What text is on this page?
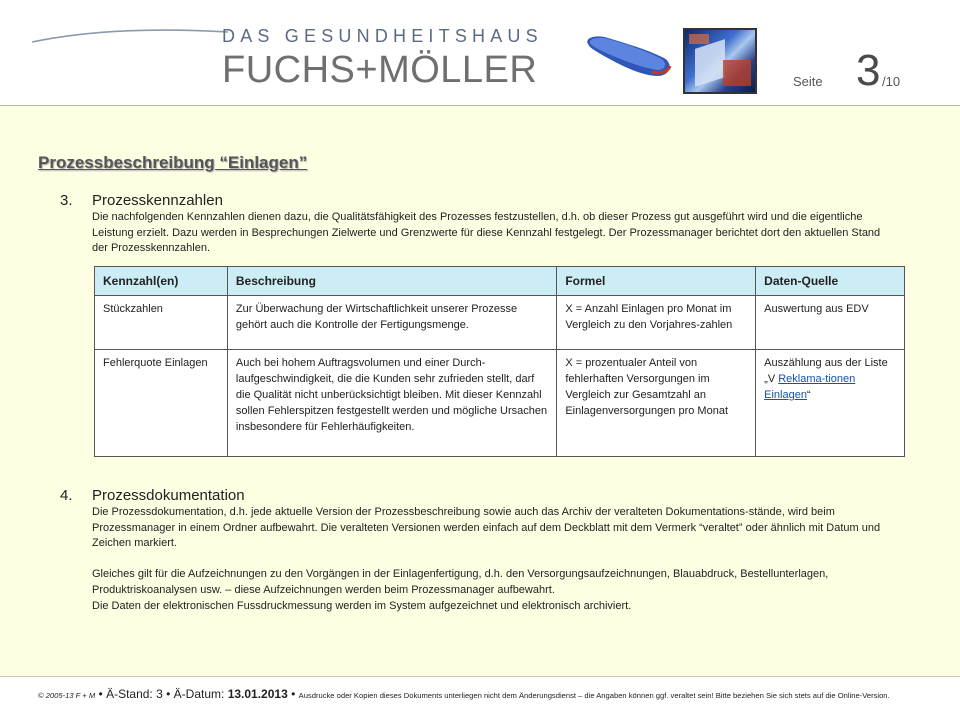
DAS GESUNDHEITSHAUS
FUCHS+MÖLLER	Seite 3 /10
Prozessbeschreibung “Einlagen”
3. Prozesskennzahlen
Die nachfolgenden Kennzahlen dienen dazu, die Qualitätsfähigkeit des Prozesses festzustellen, d.h. ob dieser Prozess gut ausgeführt wird und die eigentliche Leistung erzielt. Dazu werden in Besprechungen Zielwerte und Grenzwerte für diese Kennzahl festgelegt. Der Prozessmanager berichtet dort den aktuellen Stand der Prozesskennzahlen.
Kennzahl(en)	Beschreibung	Formel	Daten-Quelle
Stückzahlen	Zur Überwachung der Wirtschaftlichkeit unserer Prozesse gehört auch die Kontrolle der Fertigungsmenge.	X = Anzahl Einlagen pro Monat im Vergleich zu den Vorjahres-zahlen	Auswertung aus EDV
Fehlerquote Einlagen	Auch bei hohem Auftragsvolumen und einer Durch-laufgeschwindigkeit, die die Kunden sehr zufrieden stellt, darf die Qualität nicht unberücksichtigt bleiben. Mit dieser Kennzahl sollen Fehlerspitzen festgestellt werden und mögliche Ursachen insbesondere für Fehlerhäufigkeiten.	X = prozentualer Anteil von fehlerhaften Versorgungen im Vergleich zur Gesamtzahl an Einlagenversorgungen pro Monat	Auszählung aus der Liste „V Reklama-tionen Einlagen“
4. Prozessdokumentation

Die Prozessdokumentation, d.h. jede aktuelle Version der Prozessbeschreibung sowie auch das Archiv der veralteten Dokumentations-stände, wird beim Prozessmanager in einem Ordner aufbewahrt. Die veralteten Versionen werden einfach auf dem Deckblatt mit dem Vermerk “veraltet” oder ähnlich mit Datum und Zeichen markiert.

Gleiches gilt für die Aufzeichnungen zu den Vorgängen in der Einlagenfertigung, d.h. den Versorgungsaufzeichnungen, Blauabdruck, Bestellunterlagen, Produktriskoanalysen usw. – diese Aufzeichnungen werden beim Prozessmanager aufbewahrt.

Die Daten der elektronischen Fussdruckmessung werden im System aufgezeichnet und elektronisch archiviert.

© 2005-13 F + M • Ä-Stand: 3 • Ä-Datum: 13.01.2013 • Ausdrucke oder Kopien dieses Dokuments unterliegen nicht dem Änderungsdienst – die Angaben können ggf. veraltet sein! Bitte beziehen Sie sich stets auf die Online-Version.
